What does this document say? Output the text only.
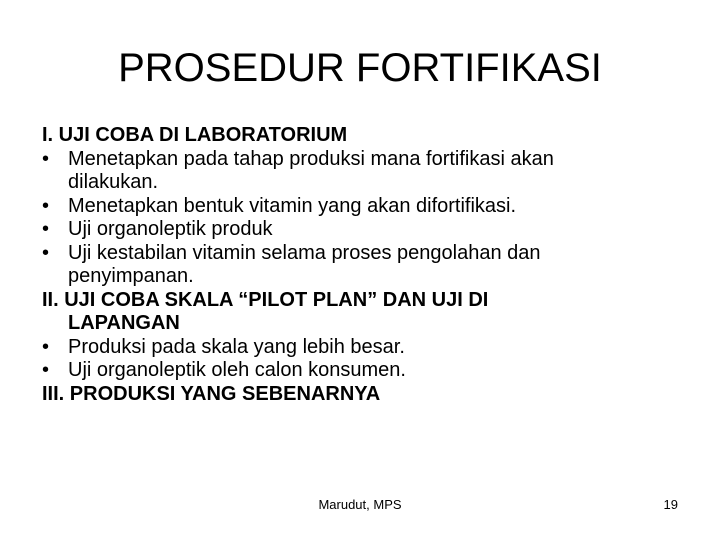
PROSEDUR FORTIFIKASI
I. UJI COBA DI LABORATORIUM
• Menetapkan pada tahap produksi mana fortifikasi akan
dilakukan.
• Menetapkan bentuk vitamin yang akan difortifikasi.
• Uji organoleptik produk
• Uji kestabilan vitamin selama proses pengolahan dan
penyimpanan.
II. UJI COBA SKALA “PILOT PLAN” DAN UJI DI
LAPANGAN
• Produksi pada skala yang lebih besar.
• Uji organoleptik oleh calon konsumen.
III. PRODUKSI YANG SEBENARNYA
Marudut, MPS	19
